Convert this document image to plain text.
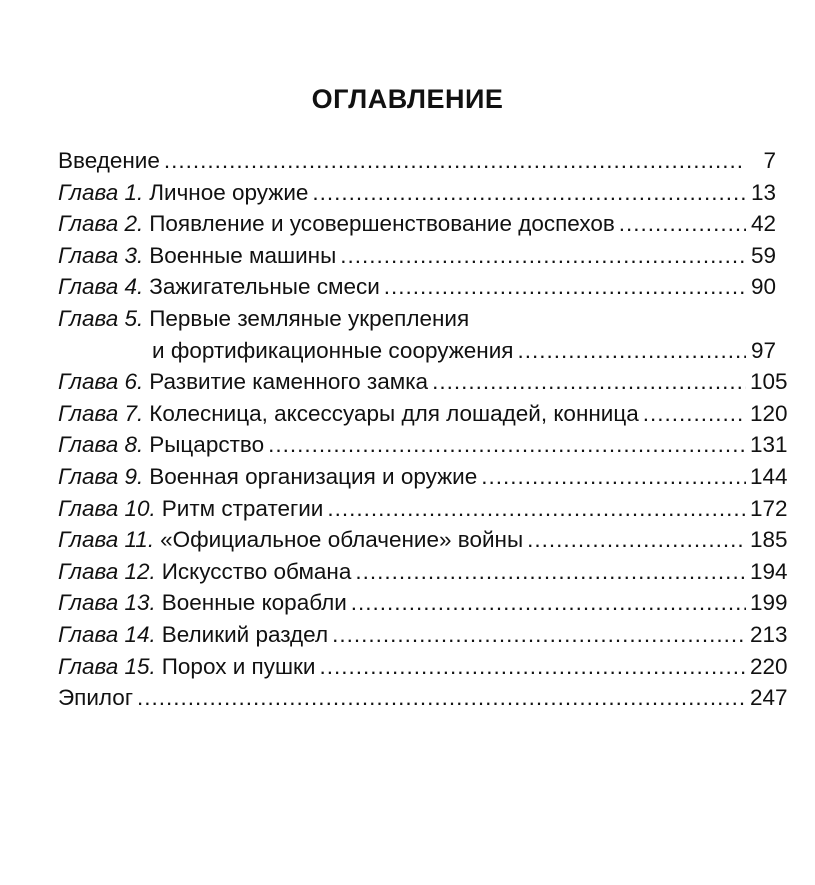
ОГЛАВЛЕНИЕ
Введение .....	7
Глава 1. Личное оружие .....	13
Глава 2. Появление и усовершенствование доспехов .....	42
Глава 3. Военные машины .....	59
Глава 4. Зажигательные смеси .....	90
Глава 5. Первые земляные укрепления
и фортификационные сооружения .....	97
Глава 6. Развитие каменного замка .....	105
Глава 7. Колесница, аксессуары для лошадей, конница .....	120
Глава 8. Рыцарство .....	131
Глава 9. Военная организация и оружие .....	144
Глава 10. Ритм стратегии .....	172
Глава 11. «Официальное облачение» войны .....	185
Глава 12. Искусство обмана .....	194
Глава 13. Военные корабли .....	199
Глава 14. Великий раздел .....	213
Глава 15. Порох и пушки .....	220
Эпилог .....	247
